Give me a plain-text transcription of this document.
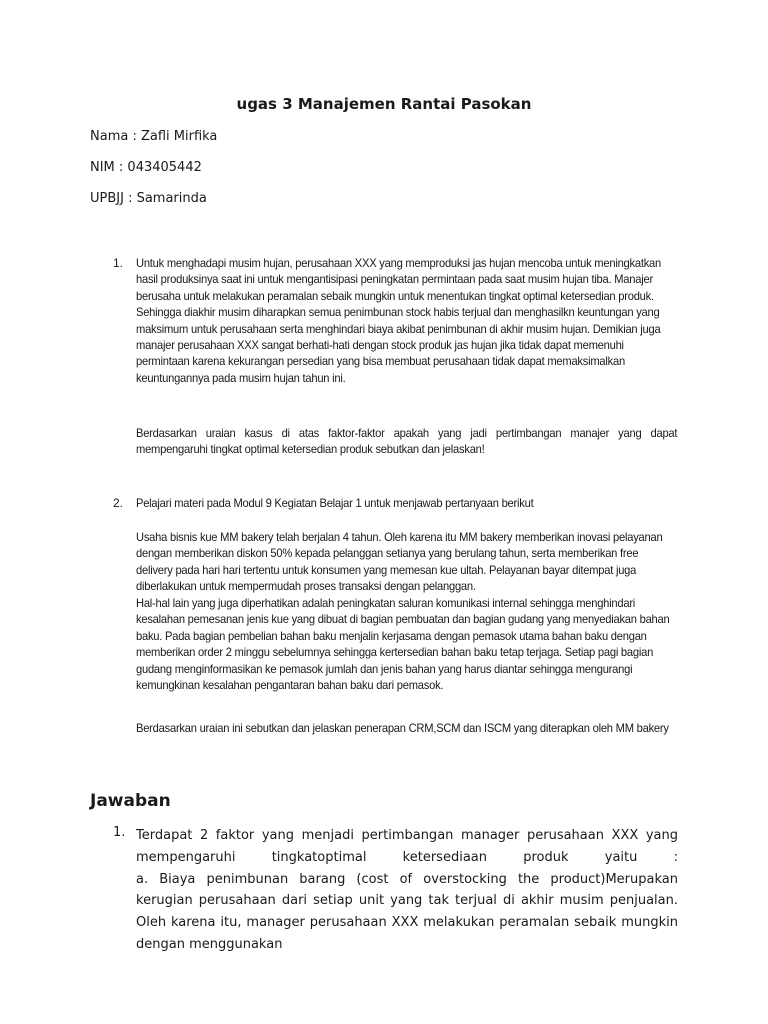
ugas 3 Manajemen Rantai Pasokan
Nama : Zafli Mirfika
NIM : 043405442
UPBJJ : Samarinda
1. Untuk menghadapi musim hujan, perusahaan XXX yang memproduksi jas hujan mencoba untuk meningkatkan hasil produksinya saat ini untuk mengantisipasi peningkatan permintaan pada saat musim hujan tiba. Manajer berusaha untuk melakukan peramalan sebaik mungkin untuk menentukan tingkat optimal ketersedian produk. Sehingga diakhir musim diharapkan semua penimbunan stock habis terjual dan menghasilkn keuntungan yang maksimum untuk perusahaan serta menghindari biaya akibat penimbunan di akhir musim hujan. Demikian juga manajer perusahaan XXX sangat berhati-hati dengan stock produk jas hujan jika tidak dapat memenuhi permintaan karena kekurangan persedian yang bisa membuat perusahaan tidak dapat memaksimalkan keuntungannya pada musim hujan tahun ini.
Berdasarkan uraian kasus di atas faktor-faktor apakah yang jadi pertimbangan manajer yang dapat mempengaruhi tingkat optimal ketersedian produk sebutkan dan jelaskan!
2. Pelajari materi pada Modul 9 Kegiatan Belajar 1 untuk menjawab pertanyaan berikut
Usaha bisnis kue MM bakery telah berjalan 4 tahun. Oleh karena itu MM bakery memberikan inovasi pelayanan dengan memberikan diskon 50% kepada pelanggan setianya yang berulang tahun, serta memberikan free delivery pada hari hari tertentu untuk konsumen yang memesan kue ultah. Pelayanan bayar ditempat juga diberlakukan untuk mempermudah proses transaksi dengan pelanggan.
Hal-hal lain yang juga diperhatikan adalah peningkatan saluran komunikasi internal sehingga menghindari kesalahan pemesanan jenis kue yang dibuat di bagian pembuatan dan bagian gudang yang menyediakan bahan baku. Pada bagian pembelian bahan baku menjalin kerjasama dengan pemasok utama bahan baku dengan memberikan order 2 minggu sebelumnya sehingga kertersedian bahan baku tetap terjaga. Setiap pagi bagian gudang menginformasikan ke pemasok jumlah dan jenis bahan yang harus diantar sehingga mengurangi kemungkinan kesalahan pengantaran bahan baku dari pemasok.
Berdasarkan uraian ini sebutkan dan jelaskan penerapan CRM,SCM dan ISCM yang diterapkan oleh MM bakery
Jawaban
1. Terdapat 2 faktor yang menjadi pertimbangan manager perusahaan XXX yang mempengaruhi tingkatoptimal ketersediaan produk yaitu :

a. Biaya penimbunan barang (cost of overstocking the product)Merupakan kerugian perusahaan dari setiap unit yang tak terjual di akhir musim penjualan. Oleh karena itu, manager perusahaan XXX melakukan peramalan sebaik mungkin dengan menggunakan
